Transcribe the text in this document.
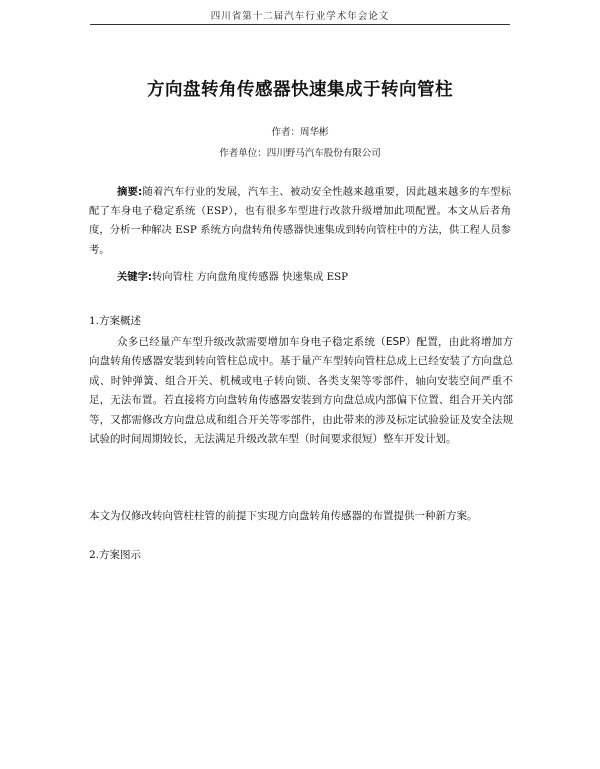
四川省第十二届汽车行业学术年会论文
方向盘转角传感器快速集成于转向管柱
作者：周华彬
作者单位：四川野马汽车股份有限公司
摘要:随着汽车行业的发展，汽车主、被动安全性越来越重要，因此越来越多的车型标配了车身电子稳定系统（ESP），也有很多车型进行改款升级增加此项配置。本文从后者角度，分析一种解决 ESP 系统方向盘转角传感器快速集成到转向管柱中的方法，供工程人员参考。
关键字:转向管柱 方向盘角度传感器 快速集成 ESP
1.方案概述
众多已经量产车型升级改款需要增加车身电子稳定系统（ESP）配置，由此将增加方向盘转角传感器安装到转向管柱总成中。基于量产车型转向管柱总成上已经安装了方向盘总成、时钟弹簧、组合开关、机械或电子转向锁、各类支架等零部件，轴向安装空间严重不足，无法布置。若直接将方向盘转角传感器安装到方向盘总成内部偏下位置、组合开关内部等，又都需修改方向盘总成和组合开关等零部件，由此带来的涉及标定试验验证及安全法规试验的时间周期较长，无法满足升级改款车型（时间要求很短）整车开发计划。
本文为仅修改转向管柱柱管的前提下实现方向盘转角传感器的布置提供一种新方案。
2.方案图示
